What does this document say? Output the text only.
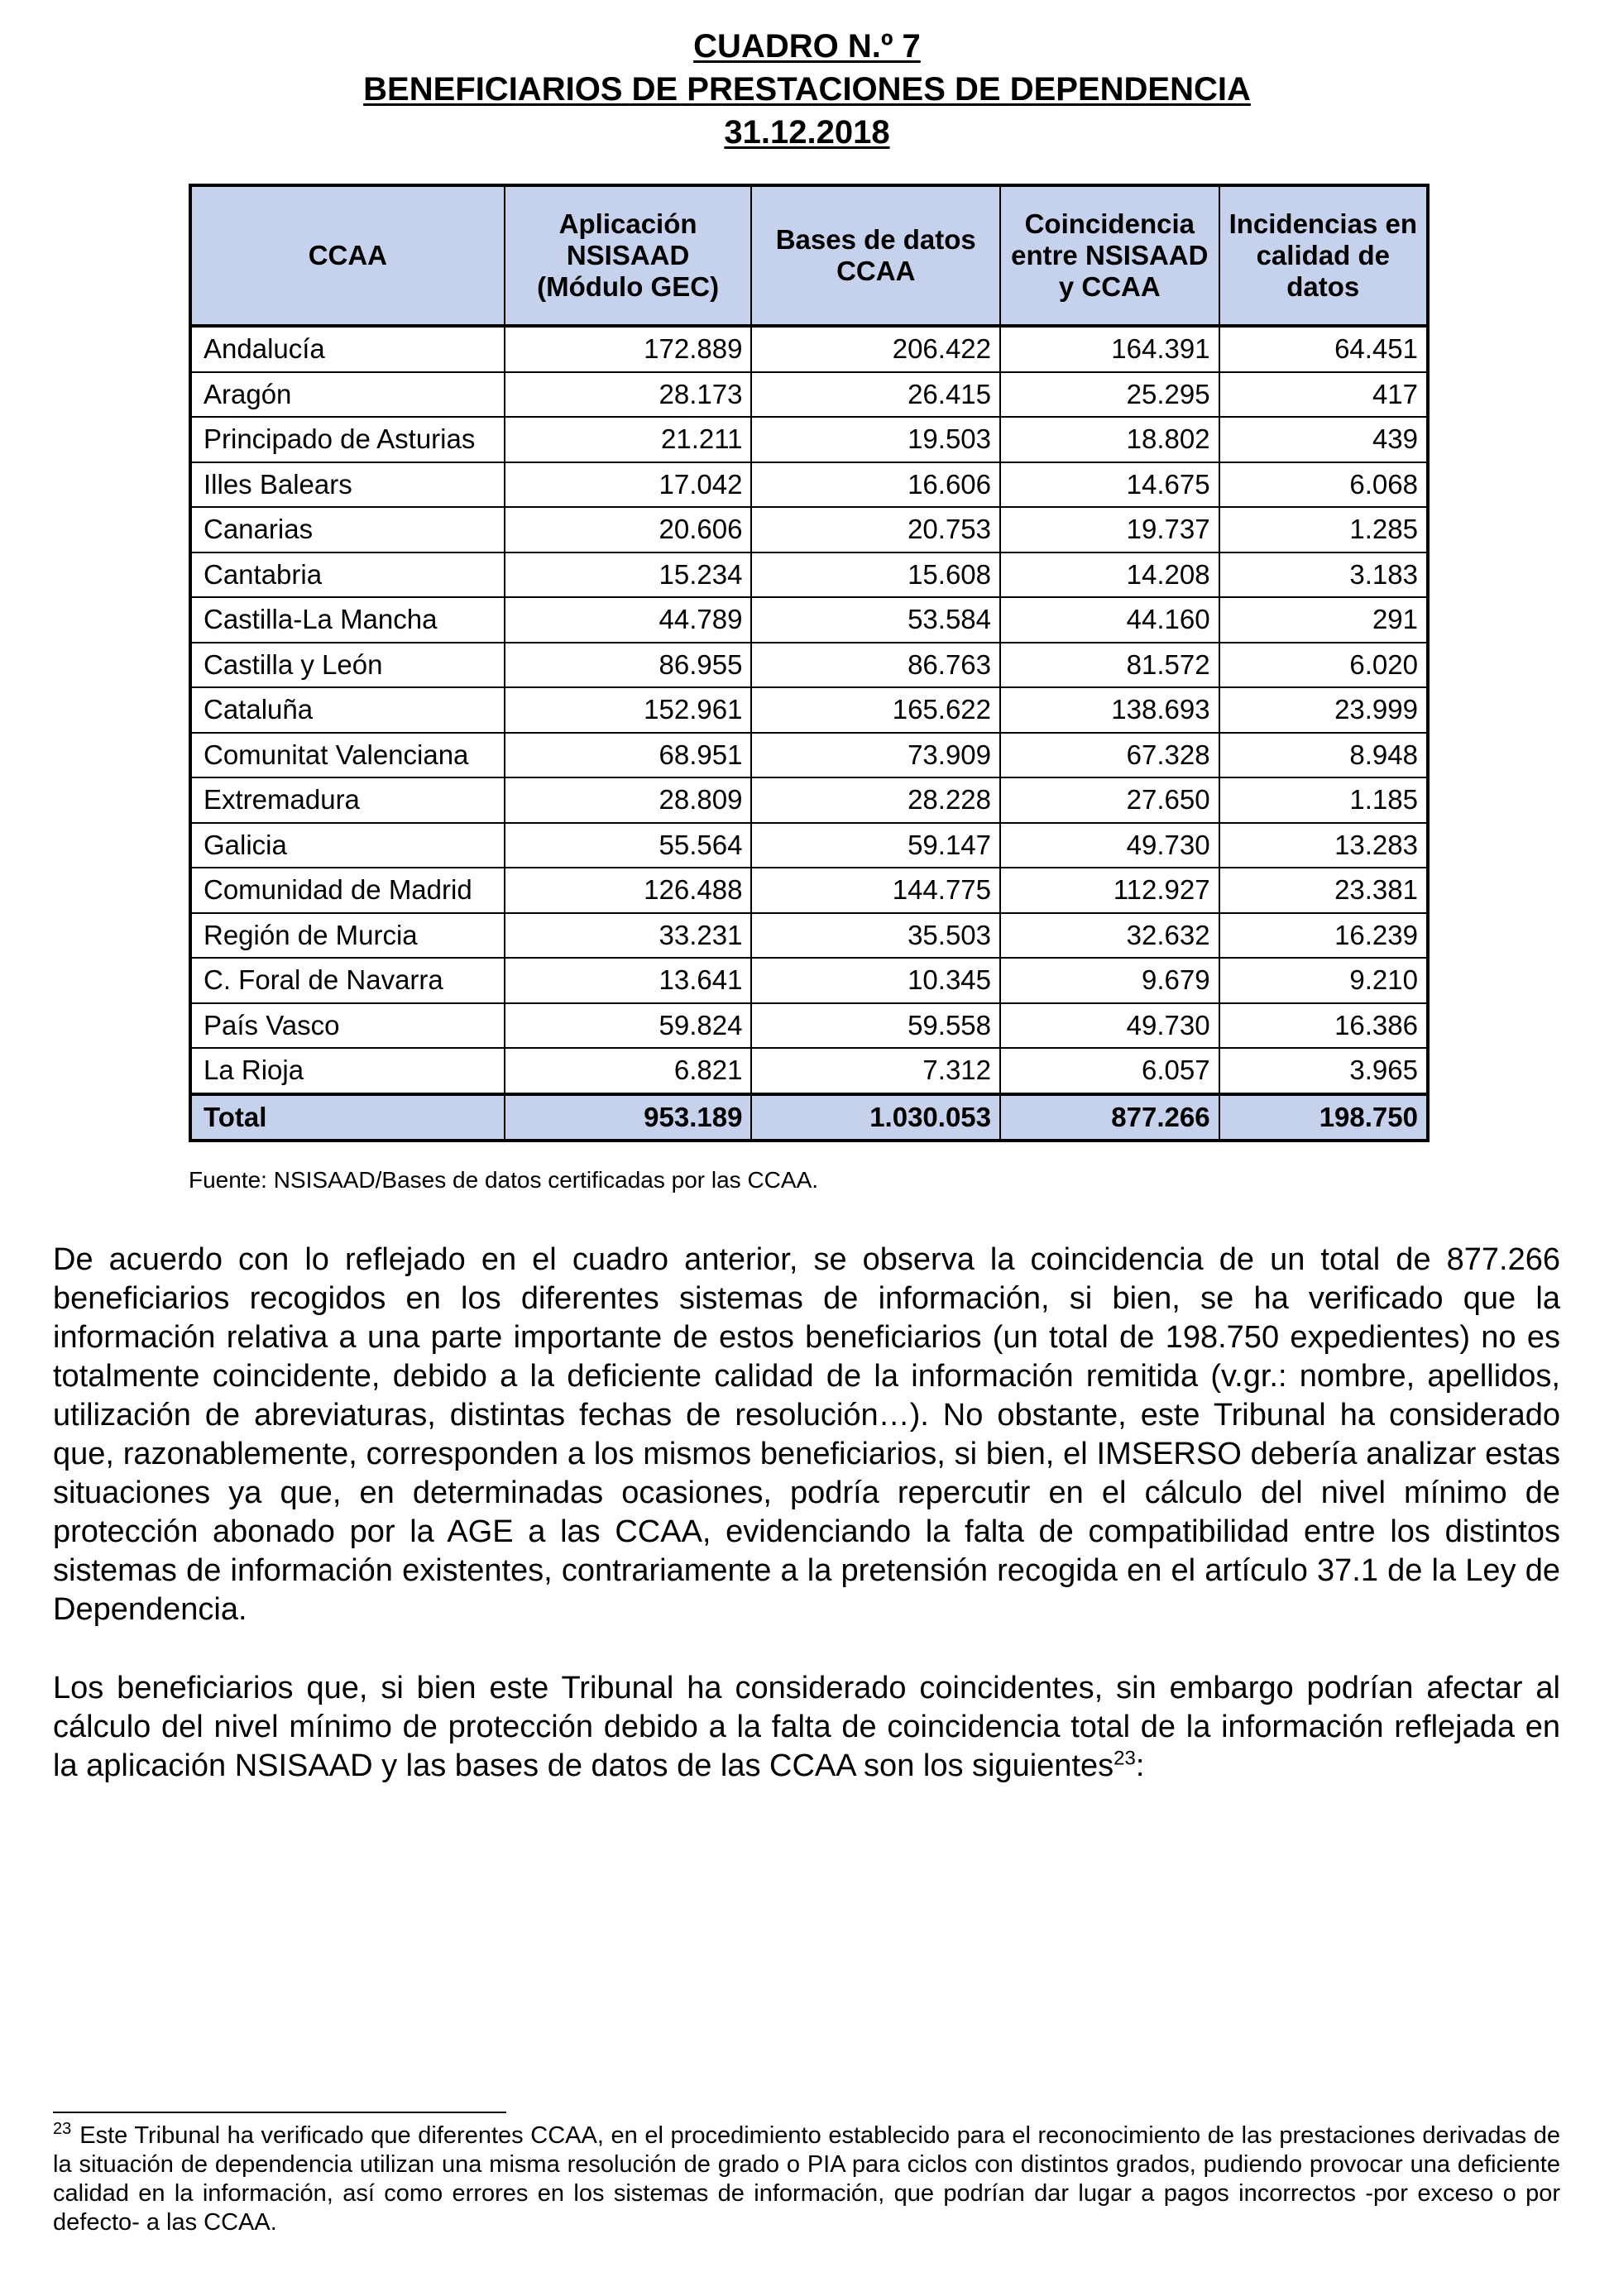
CUADRO N.º 7
BENEFICIARIOS DE PRESTACIONES DE DEPENDENCIA
31.12.2018
CCAA	Aplicación NSISAAD (Módulo GEC)	Bases de datos CCAA	Coincidencia entre NSISAAD y CCAA	Incidencias en calidad de datos
Andalucía	172.889	206.422	164.391	64.451
Aragón	28.173	26.415	25.295	417
Principado de Asturias	21.211	19.503	18.802	439
Illes Balears	17.042	16.606	14.675	6.068
Canarias	20.606	20.753	19.737	1.285
Cantabria	15.234	15.608	14.208	3.183
Castilla-La Mancha	44.789	53.584	44.160	291
Castilla y León	86.955	86.763	81.572	6.020
Cataluña	152.961	165.622	138.693	23.999
Comunitat Valenciana	68.951	73.909	67.328	8.948
Extremadura	28.809	28.228	27.650	1.185
Galicia	55.564	59.147	49.730	13.283
Comunidad de Madrid	126.488	144.775	112.927	23.381
Región de Murcia	33.231	35.503	32.632	16.239
C. Foral de Navarra	13.641	10.345	9.679	9.210
País Vasco	59.824	59.558	49.730	16.386
La Rioja	6.821	7.312	6.057	3.965
Total	953.189	1.030.053	877.266	198.750
Fuente: NSISAAD/Bases de datos certificadas por las CCAA.

De acuerdo con lo reflejado en el cuadro anterior, se observa la coincidencia de un total de 877.266 beneficiarios recogidos en los diferentes sistemas de información, si bien, se ha verificado que la información relativa a una parte importante de estos beneficiarios (un total de 198.750 expedientes) no es totalmente coincidente, debido a la deficiente calidad de la información remitida (v.gr.: nombre, apellidos, utilización de abreviaturas, distintas fechas de resolución…). No obstante, este Tribunal ha considerado que, razonablemente, corresponden a los mismos beneficiarios, si bien, el IMSERSO debería analizar estas situaciones ya que, en determinadas ocasiones, podría repercutir en el cálculo del nivel mínimo de protección abonado por la AGE a las CCAA, evidenciando la falta de compatibilidad entre los distintos sistemas de información existentes, contrariamente a la pretensión recogida en el artículo 37.1 de la Ley de Dependencia.

Los beneficiarios que, si bien este Tribunal ha considerado coincidentes, sin embargo podrían afectar al cálculo del nivel mínimo de protección debido a la falta de coincidencia total de la información reflejada en la aplicación NSISAAD y las bases de datos de las CCAA son los siguientes$^{23}$:

$^{23}$ Este Tribunal ha verificado que diferentes CCAA, en el procedimiento establecido para el reconocimiento de las prestaciones derivadas de la situación de dependencia utilizan una misma resolución de grado o PIA para ciclos con distintos grados, pudiendo provocar una deficiente calidad en la información, así como errores en los sistemas de información, que podrían dar lugar a pagos incorrectos -por exceso o por defecto- a las CCAA.
